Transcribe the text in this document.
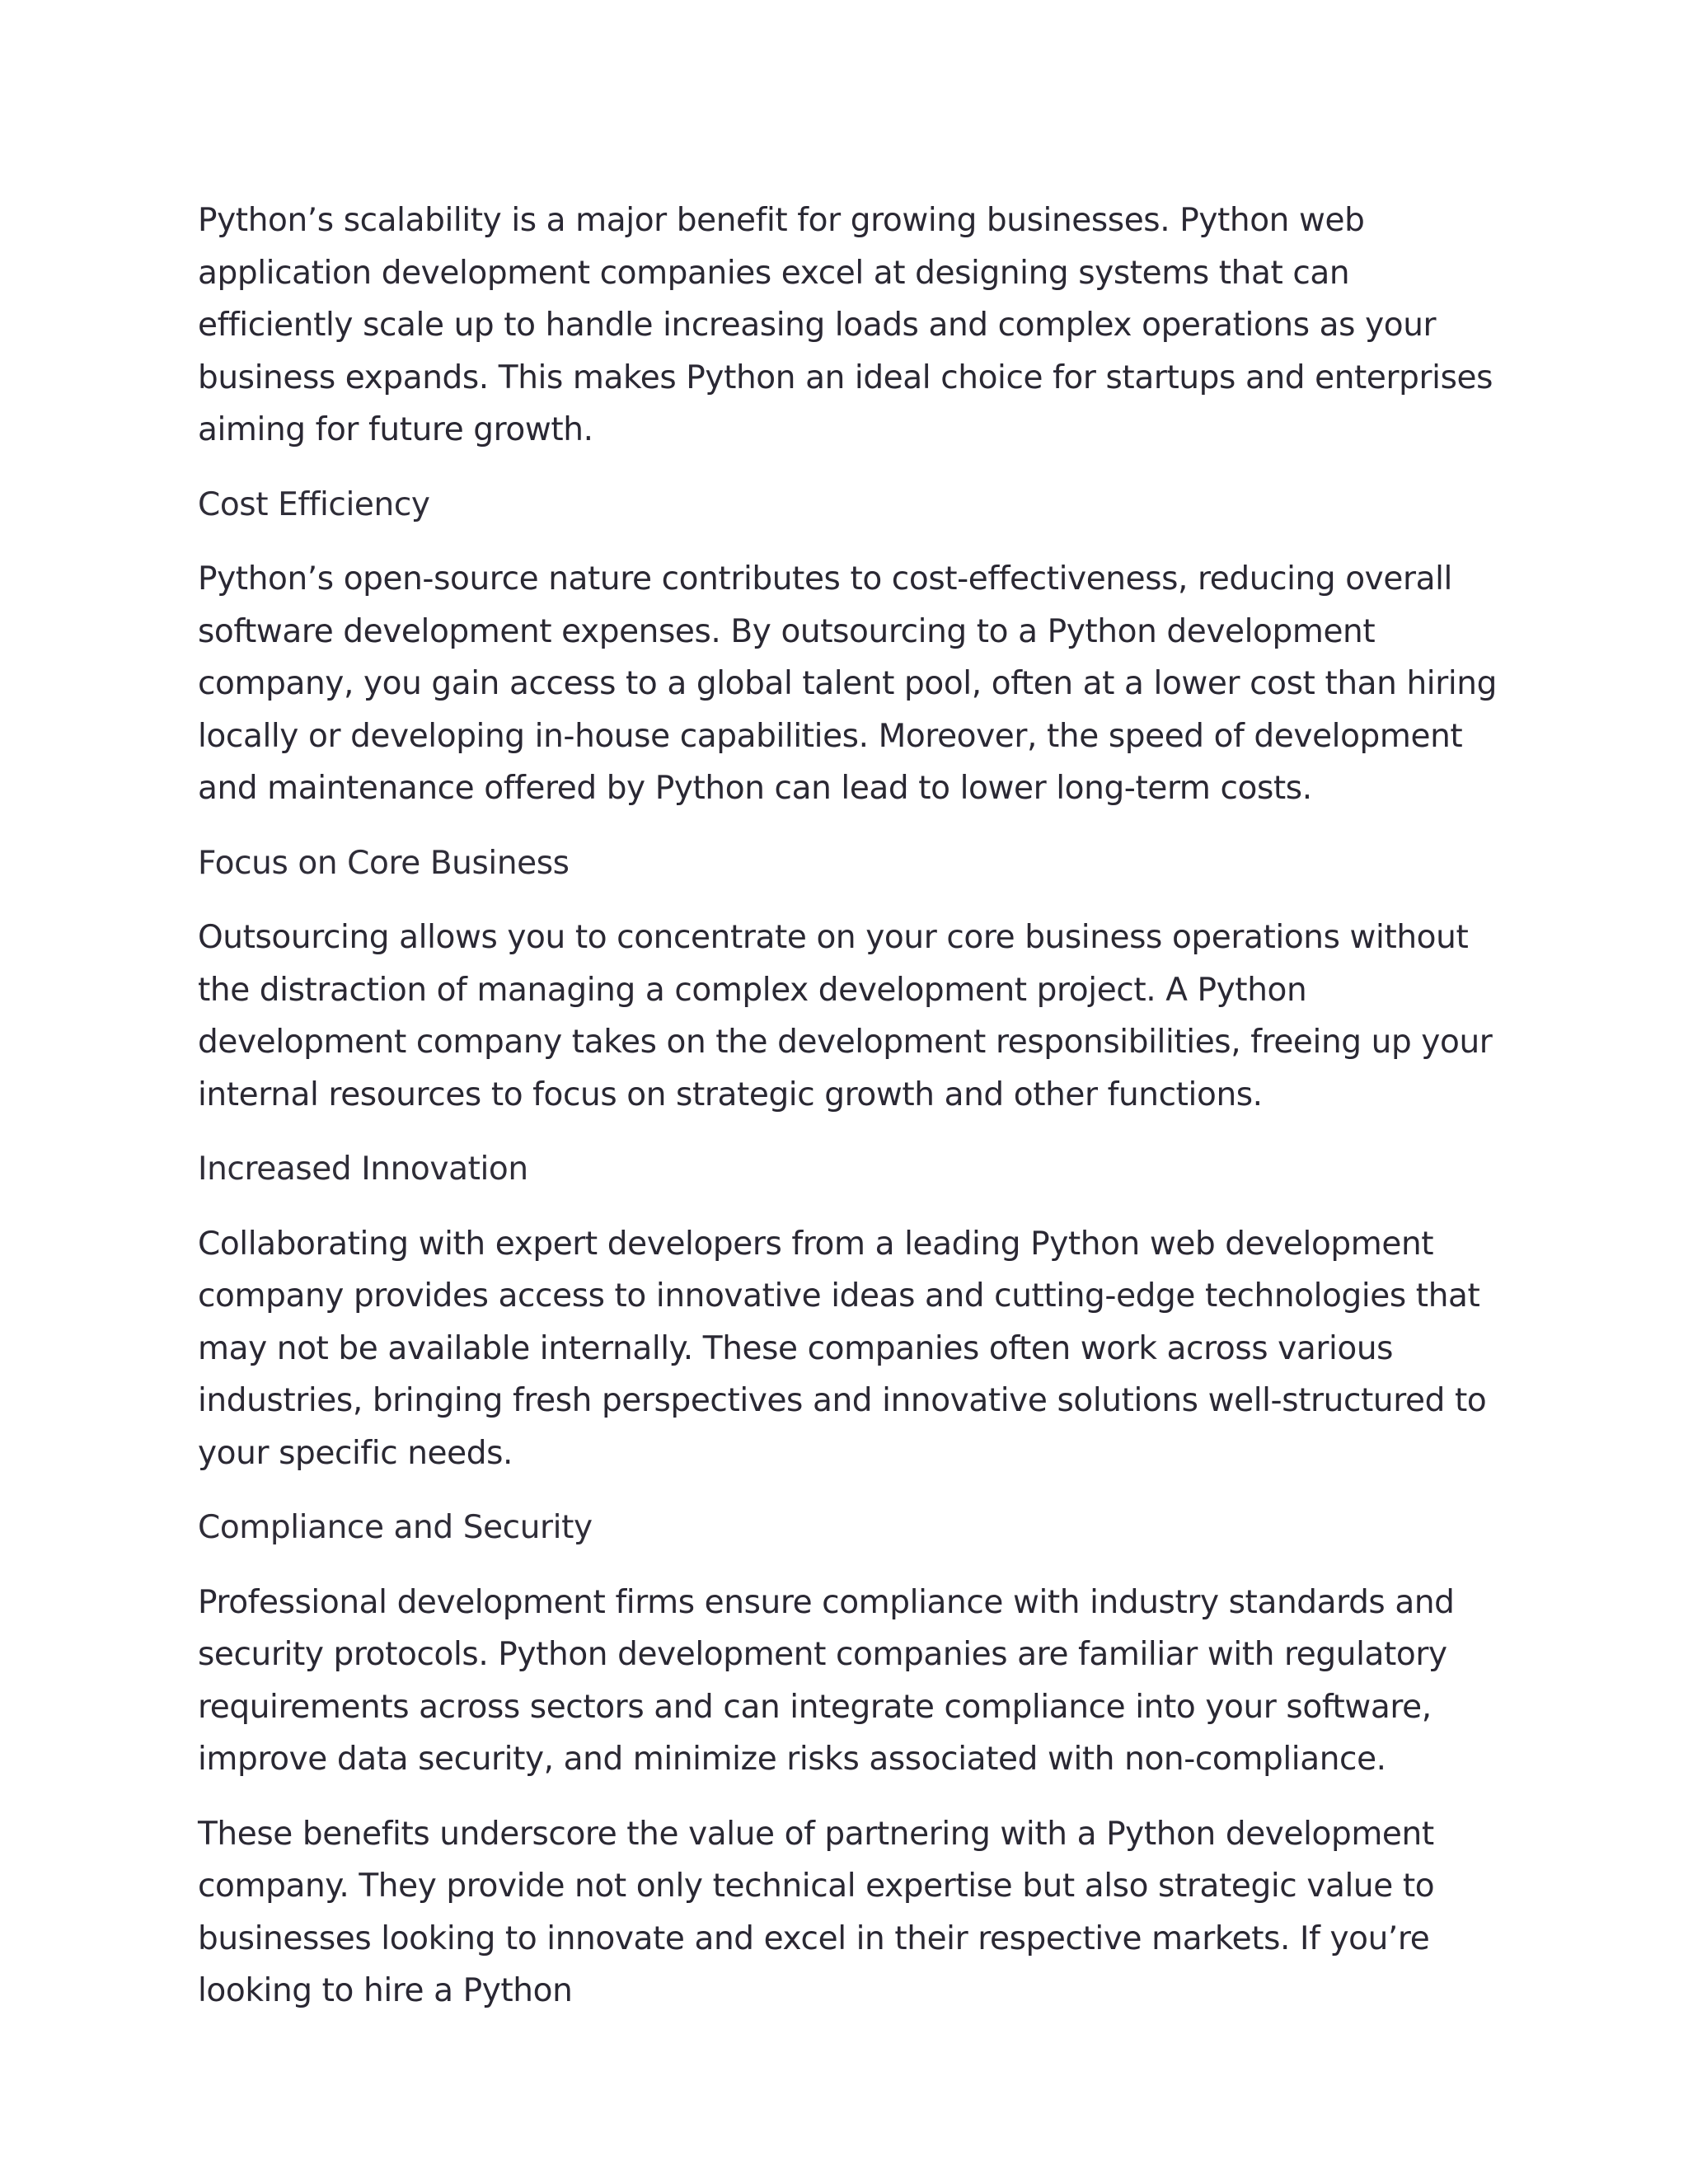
Python’s scalability is a major benefit for growing businesses. Python web application development companies excel at designing systems that can efficiently scale up to handle increasing loads and complex operations as your business expands. This makes Python an ideal choice for startups and enterprises aiming for future growth.

Cost Efficiency

Python’s open-source nature contributes to cost-effectiveness, reducing overall software development expenses. By outsourcing to a Python development company, you gain access to a global talent pool, often at a lower cost than hiring locally or developing in-house capabilities. Moreover, the speed of development and maintenance offered by Python can lead to lower long-term costs.

Focus on Core Business

Outsourcing allows you to concentrate on your core business operations without the distraction of managing a complex development project. A Python development company takes on the development responsibilities, freeing up your internal resources to focus on strategic growth and other functions.

Increased Innovation

Collaborating with expert developers from a leading Python web development company provides access to innovative ideas and cutting-edge technologies that may not be available internally. These companies often work across various industries, bringing fresh perspectives and innovative solutions well-structured to your specific needs.

Compliance and Security

Professional development firms ensure compliance with industry standards and security protocols. Python development companies are familiar with regulatory requirements across sectors and can integrate compliance into your software, improve data security, and minimize risks associated with non-compliance.

These benefits underscore the value of partnering with a Python development company. They provide not only technical expertise but also strategic value to businesses looking to innovate and excel in their respective markets. If you’re looking to hire a Python
